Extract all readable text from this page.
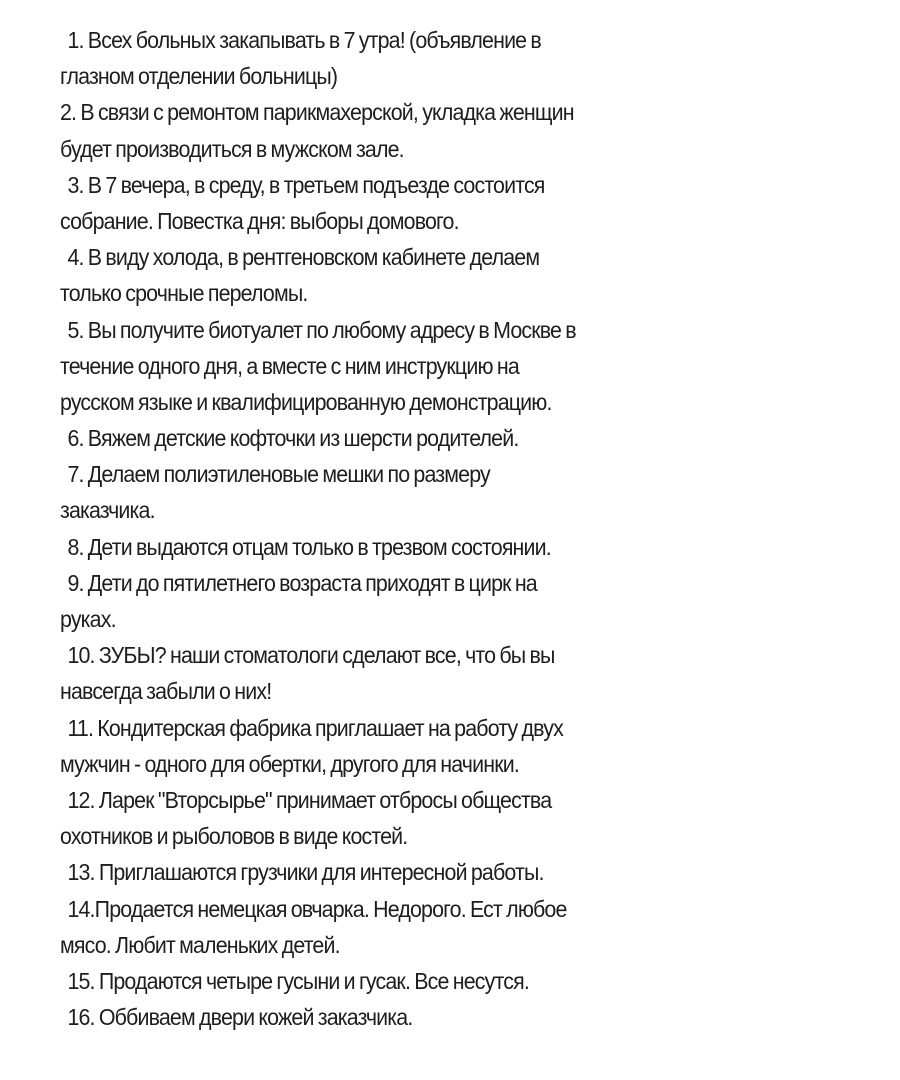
1. Всех больных закапывать в 7 утра! (объявление в
глазном отделении больницы)
2. В связи с ремонтом парикмахерской, укладка женщин
будет производиться в мужском зале.
3. В 7 вечера, в среду, в третьем подъезде состоится
собрание. Повестка дня: выборы домового.
4. В виду холода, в рентгеновском кабинете делаем
только срочные переломы.
5. Вы получите биотуалет по любому адресу в Москве в
течение одного дня, а вместе с ним инструкцию на
русском языке и квалифицированную демонстрацию.
6. Вяжем детские кофточки из шерсти родителей.
7. Делаем полиэтиленовые мешки по размеру
заказчика.
8. Дети выдаются отцам только в трезвом состоянии.
9. Дети до пятилетнего возраста приходят в цирк на
руках.
10. ЗУБЫ? наши стоматологи сделают все, что бы вы
навсегда забыли о них!
11. Кондитерская фабрика приглашает на работу двух
мужчин - одного для обертки, другого для начинки.
12. Ларек "Вторсырье" принимает отбросы общества
охотников и рыболовов в виде костей.
13. Приглашаются грузчики для интересной работы.
14.Продается немецкая овчарка. Недорого. Ест любое
мясо. Любит маленьких детей.
15. Продаются четыре гусыни и гусак. Все несутся.
16. Оббиваем двери кожей заказчика.
